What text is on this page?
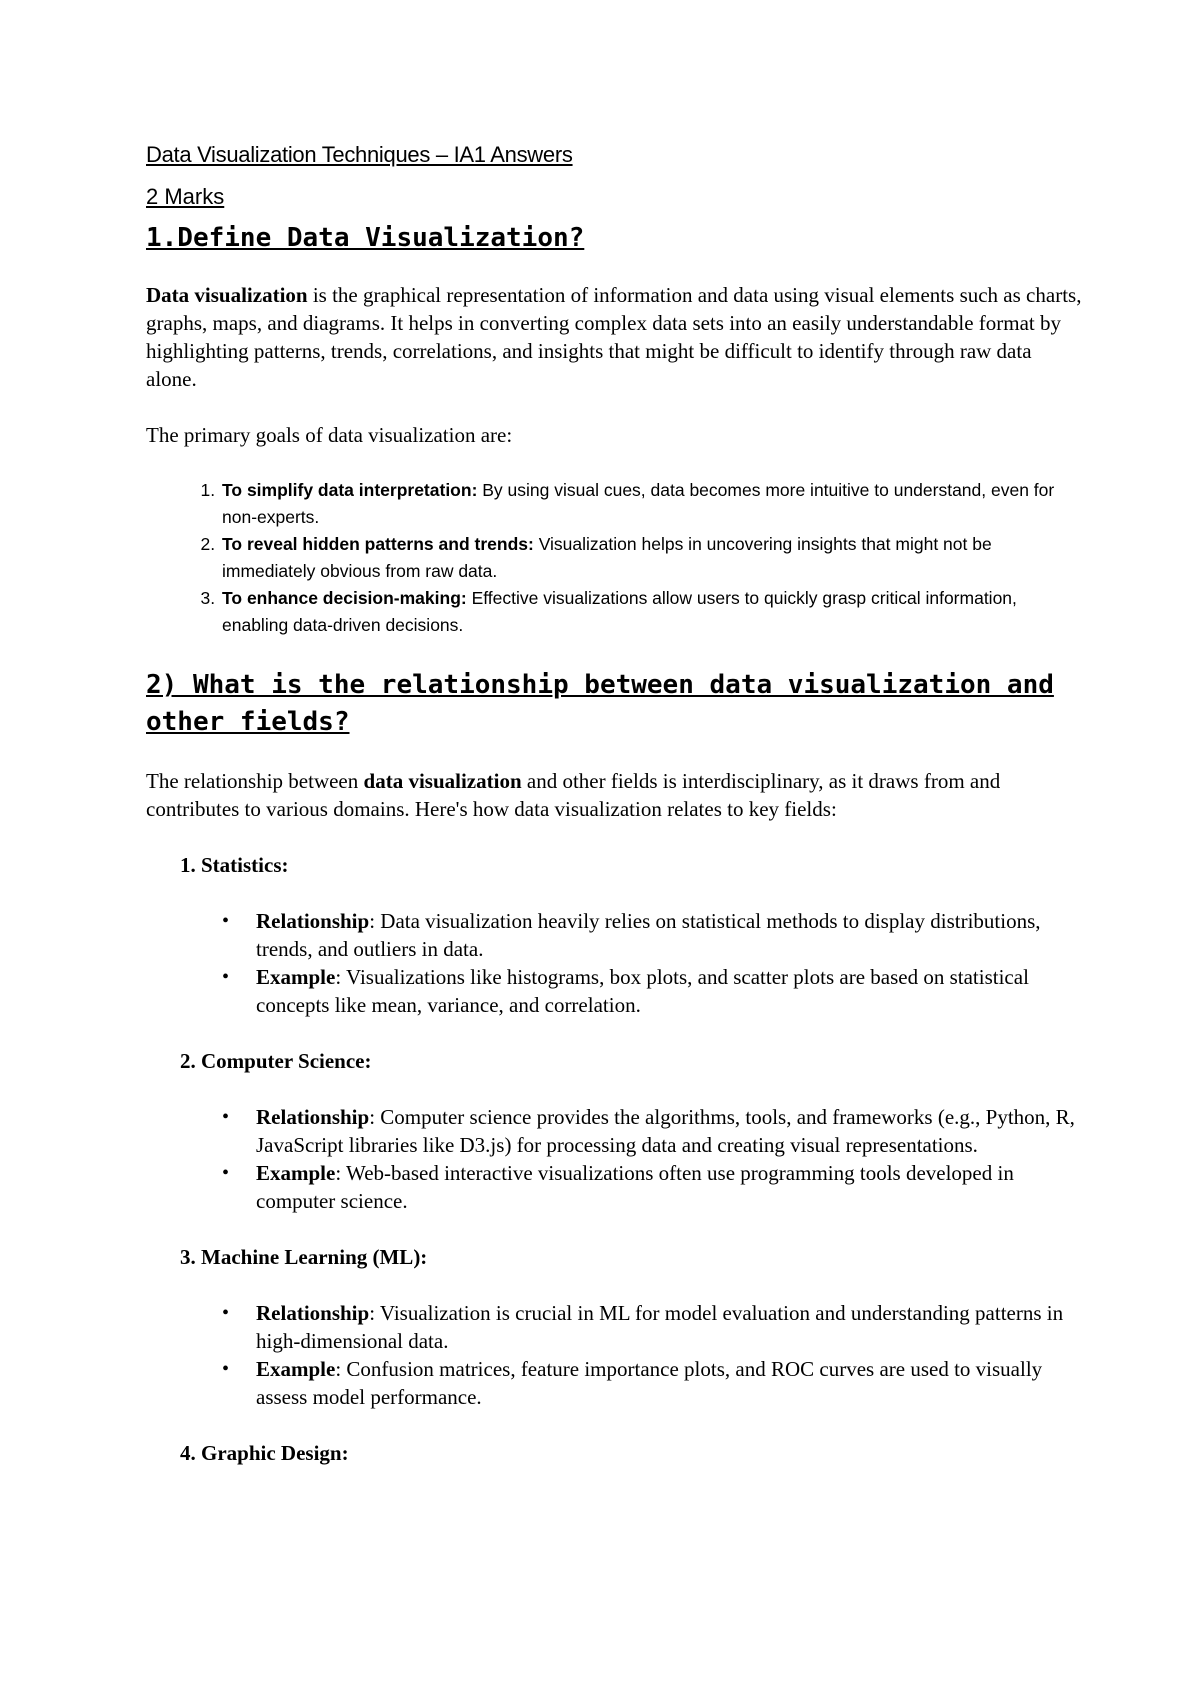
Data Visualization Techniques – IA1 Answers

2 Marks

1.Define Data Visualization?

Data visualization is the graphical representation of information and data using visual elements such as charts, graphs, maps, and diagrams. It helps in converting complex data sets into an easily understandable format by highlighting patterns, trends, correlations, and insights that might be difficult to identify through raw data alone.

The primary goals of data visualization are:

1. To simplify data interpretation: By using visual cues, data becomes more intuitive to understand, even for non-experts.
2. To reveal hidden patterns and trends: Visualization helps in uncovering insights that might not be immediately obvious from raw data.
3. To enhance decision-making: Effective visualizations allow users to quickly grasp critical information, enabling data-driven decisions.
2) What is the relationship between data visualization and other fields?

The relationship between data visualization and other fields is interdisciplinary, as it draws from and contributes to various domains. Here's how data visualization relates to key fields:

1. Statistics:

• Relationship: Data visualization heavily relies on statistical methods to display distributions, trends, and outliers in data.
• Example: Visualizations like histograms, box plots, and scatter plots are based on statistical concepts like mean, variance, and correlation.

2. Computer Science:

• Relationship: Computer science provides the algorithms, tools, and frameworks (e.g., Python, R, JavaScript libraries like D3.js) for processing data and creating visual representations.
• Example: Web-based interactive visualizations often use programming tools developed in computer science.

3. Machine Learning (ML):

• Relationship: Visualization is crucial in ML for model evaluation and understanding patterns in high-dimensional data.
• Example: Confusion matrices, feature importance plots, and ROC curves are used to visually assess model performance.

4. Graphic Design:
